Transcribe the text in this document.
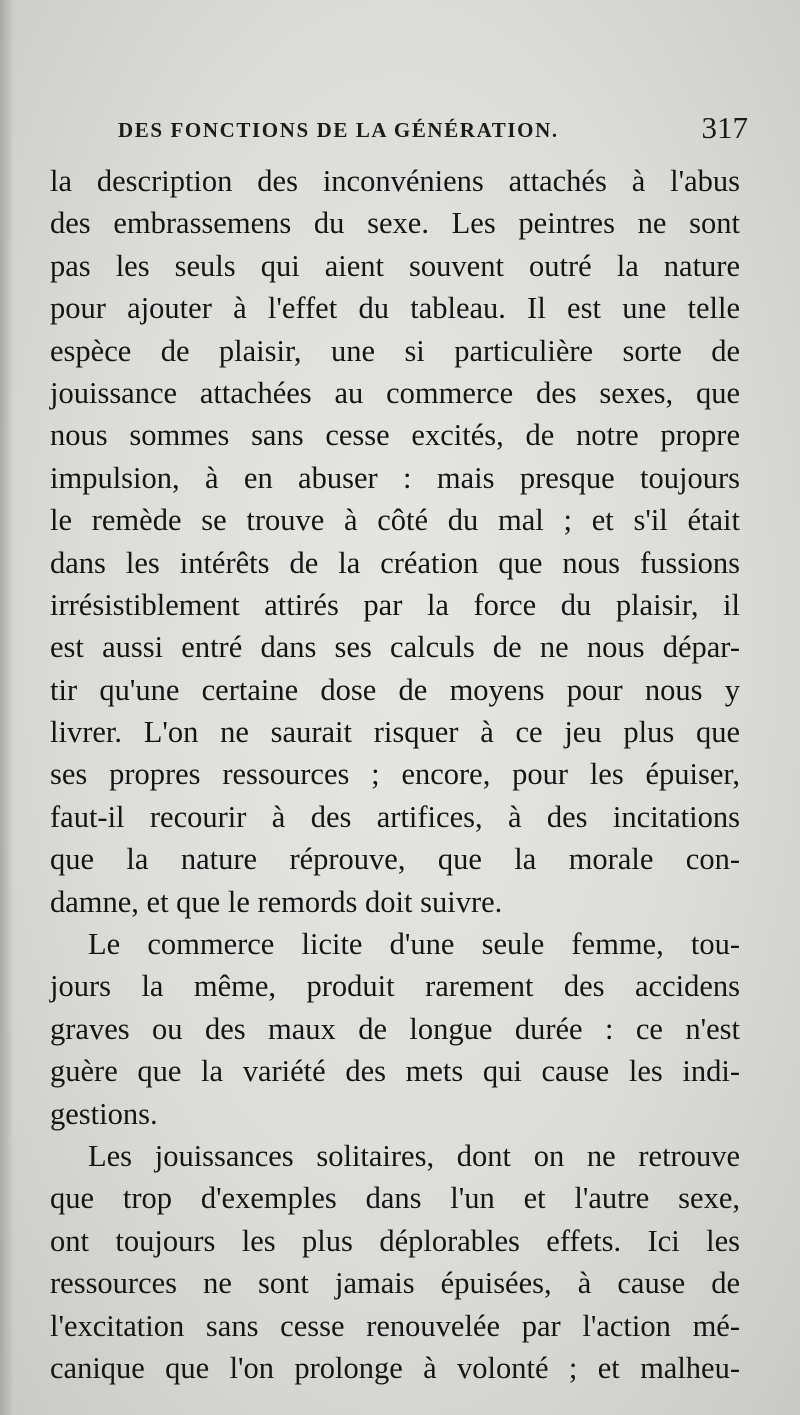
DES FONCTIONS DE LA GÉNÉRATION.	317
la description des inconvéniens attachés à l'abus
des embrassemens du sexe. Les peintres ne sont
pas les seuls qui aient souvent outré la nature
pour ajouter à l'effet du tableau. Il est une telle
espèce de plaisir, une si particulière sorte de
jouissance attachées au commerce des sexes, que
nous sommes sans cesse excités, de notre propre
impulsion, à en abuser : mais presque toujours
le remède se trouve à côté du mal ; et s'il était
dans les intérêts de la création que nous fussions
irrésistiblement attirés par la force du plaisir, il
est aussi entré dans ses calculs de ne nous dépar-
tir qu'une certaine dose de moyens pour nous y
livrer. L'on ne saurait risquer à ce jeu plus que
ses propres ressources ; encore, pour les épuiser,
faut-il recourir à des artifices, à des incitations
que la nature réprouve, que la morale con-
damne, et que le remords doit suivre.
Le commerce licite d'une seule femme, tou-
jours la même, produit rarement des accidens
graves ou des maux de longue durée : ce n'est
guère que la variété des mets qui cause les indi-
gestions.
Les jouissances solitaires, dont on ne retrouve
que trop d'exemples dans l'un et l'autre sexe,
ont toujours les plus déplorables effets. Ici les
ressources ne sont jamais épuisées, à cause de
l'excitation sans cesse renouvelée par l'action mé-
canique que l'on prolonge à volonté ; et malheu-
